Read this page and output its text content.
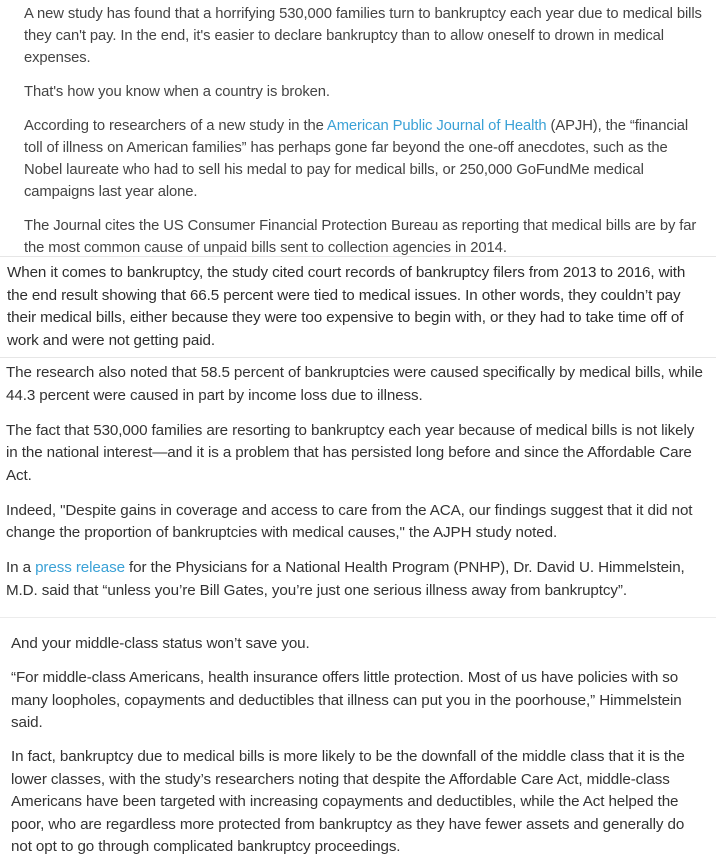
A new study has found that a horrifying 530,000 families turn to bankruptcy each year due to medical bills they can't pay. In the end, it's easier to declare bankruptcy than to allow oneself to drown in medical expenses.

That's how you know when a country is broken.

According to researchers of a new study in the American Public Journal of Health (APJH), the “financial toll of illness on American families” has perhaps gone far beyond the one-off anecdotes, such as the Nobel laureate who had to sell his medal to pay for medical bills, or 250,000 GoFundMe medical campaigns last year alone.

The Journal cites the US Consumer Financial Protection Bureau as reporting that medical bills are by far the most common cause of unpaid bills sent to collection agencies in 2014.

When it comes to bankruptcy, the study cited court records of bankruptcy filers from 2013 to 2016, with the end result showing that 66.5 percent were tied to medical issues. In other words, they couldn’t pay their medical bills, either because they were too expensive to begin with, or they had to take time off of work and were not getting paid.

The research also noted that 58.5 percent of bankruptcies were caused specifically by medical bills, while 44.3 percent were caused in part by income loss due to illness.

The fact that 530,000 families are resorting to bankruptcy each year because of medical bills is not likely in the national interest—and it is a problem that has persisted long before and since the Affordable Care Act.

Indeed, "Despite gains in coverage and access to care from the ACA, our findings suggest that it did not change the proportion of bankruptcies with medical causes," the AJPH study noted.

In a press release for the Physicians for a National Health Program (PNHP), Dr. David U. Himmelstein, M.D. said that “unless you’re Bill Gates, you’re just one serious illness away from bankruptcy”.

And your middle-class status won’t save you.

“For middle-class Americans, health insurance offers little protection. Most of us have policies with so many loopholes, copayments and deductibles that illness can put you in the poorhouse,” Himmelstein said.

In fact, bankruptcy due to medical bills is more likely to be the downfall of the middle class that it is the lower classes, with the study’s researchers noting that despite the Affordable Care Act, middle-class Americans have been targeted with increasing copayments and deductibles, while the Act helped the poor, who are regardless more protected from bankruptcy as they have fewer assets and generally do not opt to go through complicated bankruptcy proceedings.
